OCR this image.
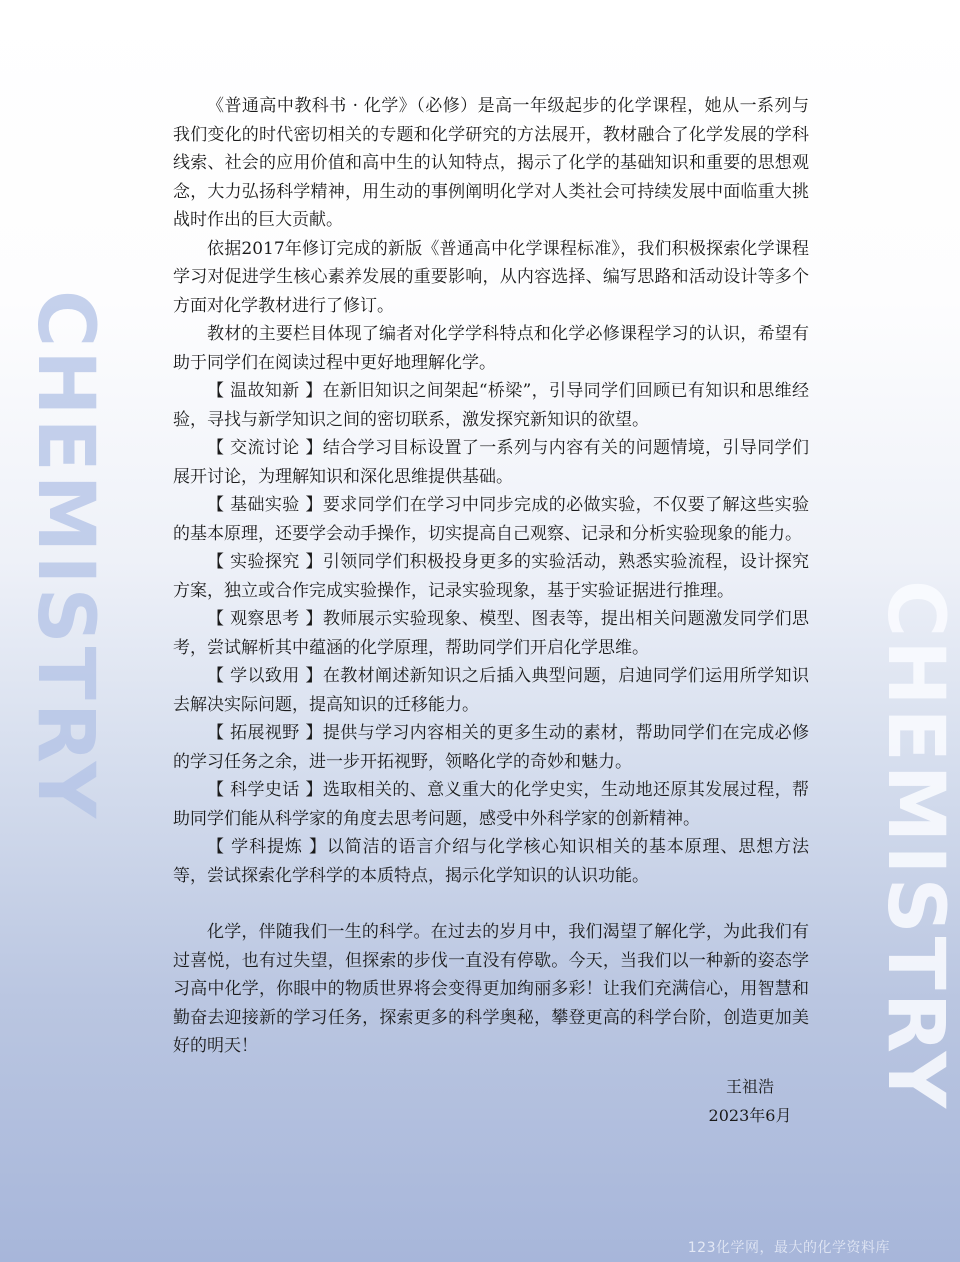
CHEMISTRY
CHEMISTRY

《普通高中教科书 · 化学》（必修）是高一年级起步的化学课程，她从一系列与我们变化的时代密切相关的专题和化学研究的方法展开，教材融合了化学发展的学科线索、社会的应用价值和高中生的认知特点，揭示了化学的基础知识和重要的思想观念，大力弘扬科学精神，用生动的事例阐明化学对人类社会可持续发展中面临重大挑战时作出的巨大贡献。

依据2017年修订完成的新版《普通高中化学课程标准》，我们积极探索化学课程学习对促进学生核心素养发展的重要影响，从内容选择、编写思路和活动设计等多个方面对化学教材进行了修订。

教材的主要栏目体现了编者对化学学科特点和化学必修课程学习的认识，希望有助于同学们在阅读过程中更好地理解化学。

【 温故知新 】在新旧知识之间架起“桥梁”，引导同学们回顾已有知识和思维经验，寻找与新学知识之间的密切联系，激发探究新知识的欲望。

【 交流讨论 】结合学习目标设置了一系列与内容有关的问题情境，引导同学们展开讨论，为理解知识和深化思维提供基础。

【 基础实验 】要求同学们在学习中同步完成的必做实验，不仅要了解这些实验的基本原理，还要学会动手操作，切实提高自己观察、记录和分析实验现象的能力。

【 实验探究 】引领同学们积极投身更多的实验活动，熟悉实验流程，设计探究方案，独立或合作完成实验操作，记录实验现象，基于实验证据进行推理。

【 观察思考 】教师展示实验现象、模型、图表等，提出相关问题激发同学们思考，尝试解析其中蕴涵的化学原理，帮助同学们开启化学思维。

【 学以致用 】在教材阐述新知识之后插入典型问题，启迪同学们运用所学知识去解决实际问题，提高知识的迁移能力。

【 拓展视野 】提供与学习内容相关的更多生动的素材，帮助同学们在完成必修的学习任务之余，进一步开拓视野，领略化学的奇妙和魅力。

【 科学史话 】选取相关的、意义重大的化学史实，生动地还原其发展过程，帮助同学们能从科学家的角度去思考问题，感受中外科学家的创新精神。

【 学科提炼 】以简洁的语言介绍与化学核心知识相关的基本原理、思想方法等，尝试探索化学科学的本质特点，揭示化学知识的认识功能。

化学，伴随我们一生的科学。在过去的岁月中，我们渴望了解化学，为此我们有过喜悦，也有过失望，但探索的步伐一直没有停歇。今天，当我们以一种新的姿态学习高中化学，你眼中的物质世界将会变得更加绚丽多彩！让我们充满信心，用智慧和勤奋去迎接新的学习任务，探索更多的科学奥秘，攀登更高的科学台阶，创造更加美好的明天！

王祖浩
2023年6月
123化学网，最大的化学资料库
